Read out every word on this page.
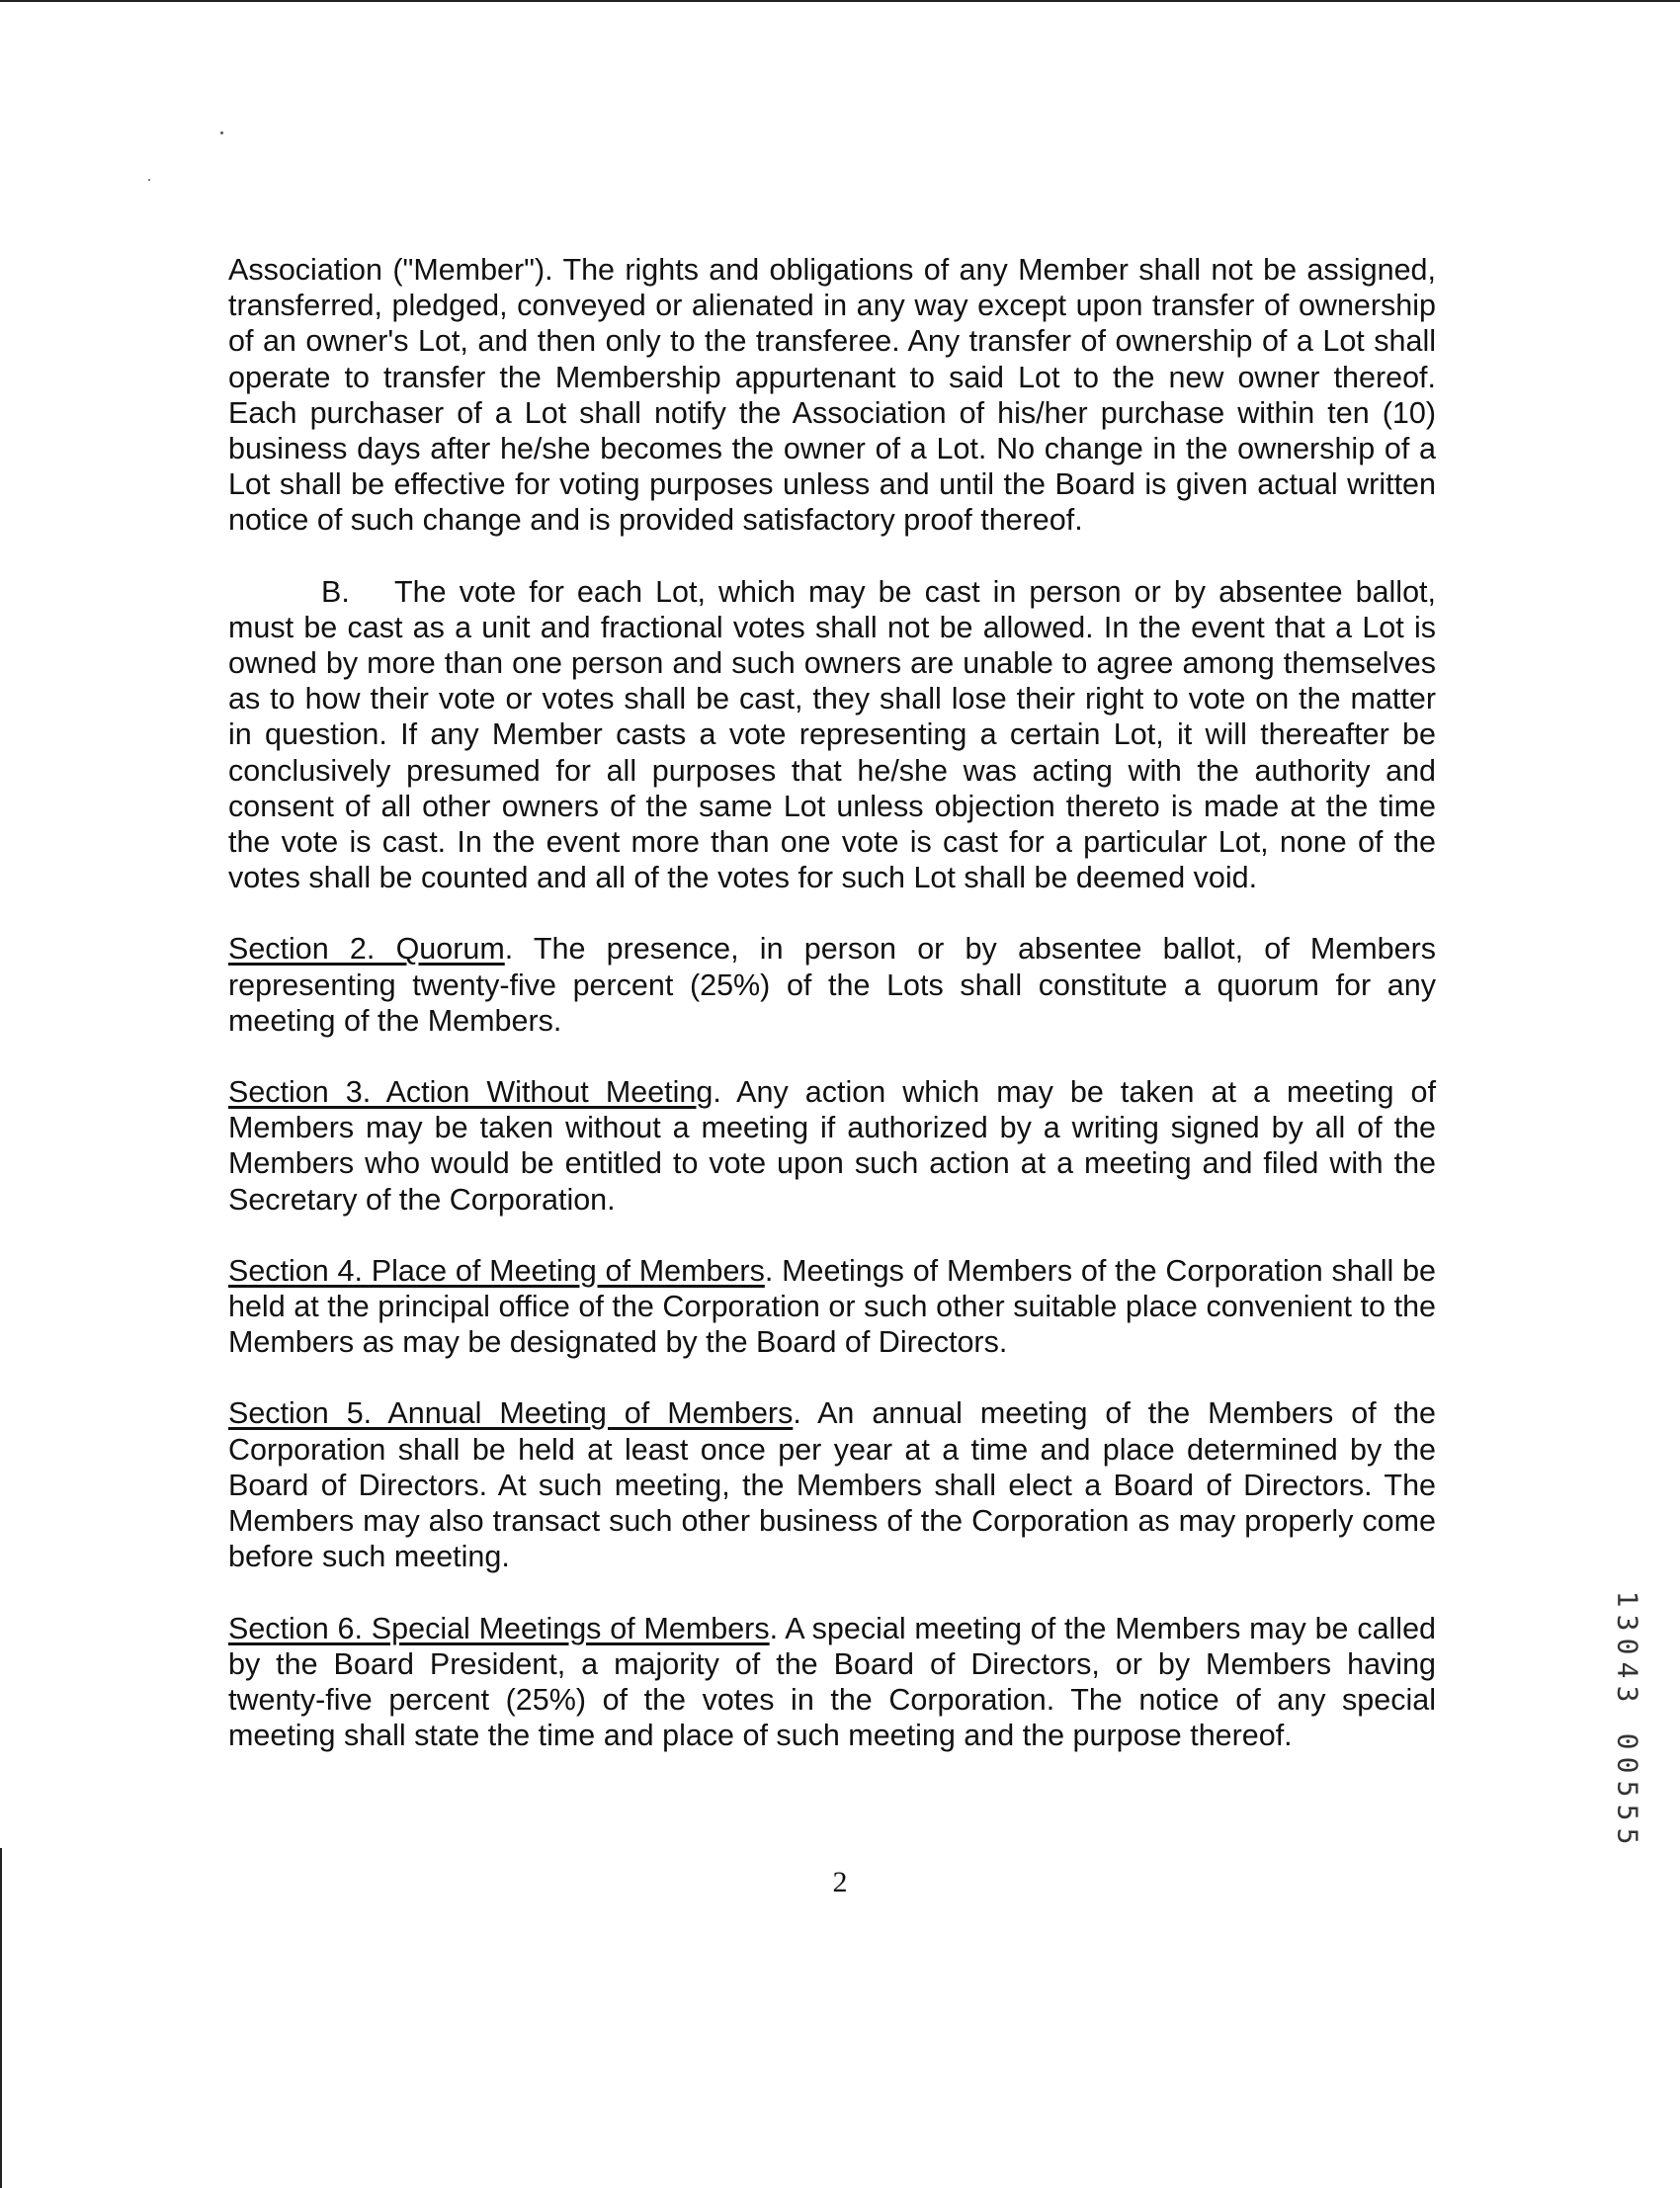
Association ("Member"). The rights and obligations of any Member shall not be assigned, transferred, pledged, conveyed or alienated in any way except upon transfer of ownership of an owner's Lot, and then only to the transferee. Any transfer of ownership of a Lot shall operate to transfer the Membership appurtenant to said Lot to the new owner thereof. Each purchaser of a Lot shall notify the Association of his/her purchase within ten (10) business days after he/she becomes the owner of a Lot. No change in the ownership of a Lot shall be effective for voting purposes unless and until the Board is given actual written notice of such change and is provided satisfactory proof thereof.

B. The vote for each Lot, which may be cast in person or by absentee ballot, must be cast as a unit and fractional votes shall not be allowed. In the event that a Lot is owned by more than one person and such owners are unable to agree among themselves as to how their vote or votes shall be cast, they shall lose their right to vote on the matter in question. If any Member casts a vote representing a certain Lot, it will thereafter be conclusively presumed for all purposes that he/she was acting with the authority and consent of all other owners of the same Lot unless objection thereto is made at the time the vote is cast. In the event more than one vote is cast for a particular Lot, none of the votes shall be counted and all of the votes for such Lot shall be deemed void.

Section 2. Quorum. The presence, in person or by absentee ballot, of Members representing twenty-five percent (25%) of the Lots shall constitute a quorum for any meeting of the Members.

Section 3. Action Without Meeting. Any action which may be taken at a meeting of Members may be taken without a meeting if authorized by a writing signed by all of the Members who would be entitled to vote upon such action at a meeting and filed with the Secretary of the Corporation.

Section 4. Place of Meeting of Members. Meetings of Members of the Corporation shall be held at the principal office of the Corporation or such other suitable place convenient to the Members as may be designated by the Board of Directors.

Section 5. Annual Meeting of Members. An annual meeting of the Members of the Corporation shall be held at least once per year at a time and place determined by the Board of Directors. At such meeting, the Members shall elect a Board of Directors. The Members may also transact such other business of the Corporation as may properly come before such meeting.

Section 6. Special Meetings of Members. A special meeting of the Members may be called by the Board President, a majority of the Board of Directors, or by Members having twenty-five percent (25%) of the votes in the Corporation. The notice of any special meeting shall state the time and place of such meeting and the purpose thereof.

2
1
3
0
4
3
0
0
5
5
5
